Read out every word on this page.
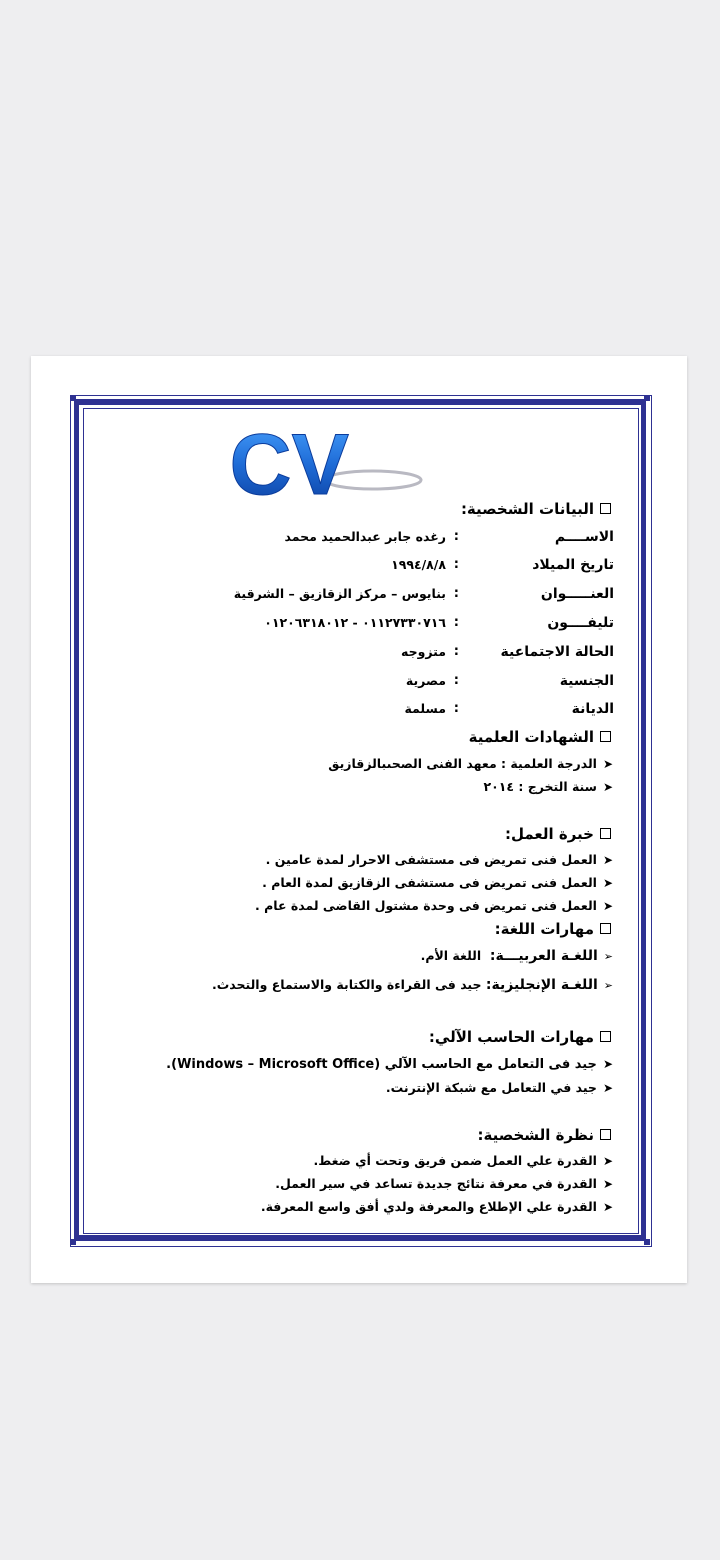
CV	البيانات الشخصية:
الاســــم
:
رغده جابر عبدالحميد محمد
تاريخ الميلاد
:
١٩٩٤/٨/٨
العنـــــوان
:
بنايوس – مركز الزقازيق – الشرقية
تليفــــون
:
٠١١٢٧٣٣٠٧١٦ - ٠١٢٠٦٣١٨٠١٢
الحالة الاجتماعية
:
متزوجه
الجنسية
:
مصرية
الديانة
:
مسلمة
الشهادات العلمية
➤الدرجة العلمية : معهد الفنى الصحىبالزقازيق
➤سنة التخرج : ٢٠١٤
خبرة العمل:
➤العمل فنى تمريض فى مستشفى الاحرار لمدة عامين .
➤العمل فنى تمريض فى مستشفى الزقازيق لمدة العام .
➤العمل فنى تمريض فى وحدة مشتول القاضى لمدة عام .
مهارات اللغة:
➢اللغـة العربيـــة:  اللغة الأم.
➢اللغـة الإنجليزية: جيد فى القراءة والكتابة والاستماع والتحدث.
مهارات الحاسب الآلي:
➤جيد فى التعامل مع الحاسب الآلي (Windows – Microsoft Office).
➤جيد في التعامل مع شبكة الإنترنت.
نظرة الشخصية:
➤القدرة علي العمل ضمن فريق وتحت أي ضغط.
➤القدرة في معرفة نتائج جديدة تساعد في سير العمل.
➤القدرة علي الإطلاع والمعرفة ولدي أفق واسع المعرفة.
